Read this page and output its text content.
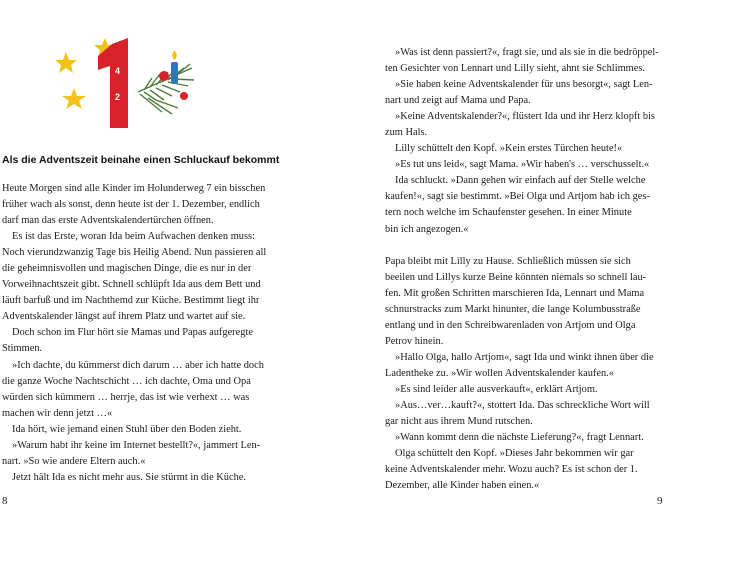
4
2
Als die Adventszeit beinahe einen Schluckauf bekommt

Heute Morgen sind alle Kinder im Holunderweg 7 ein bisschen

früher wach als sonst, denn heute ist der 1. Dezember, endlich

darf man das erste Adventskalendertürchen öffnen.

Es ist das Erste, woran Ida beim Aufwachen denken muss:

Noch vierundzwanzig Tage bis Heilig Abend. Nun passieren all

die geheimnisvollen und magischen Dinge, die es nur in der

Vorweihnachtszeit gibt. Schnell schlüpft Ida aus dem Bett und

läuft barfuß und im Nachthemd zur Küche. Bestimmt liegt ihr

Adventskalender längst auf ihrem Platz und wartet auf sie.

Doch schon im Flur hört sie Mamas und Papas aufgeregte

Stimmen.

»Ich dachte, du kümmerst dich darum … aber ich hatte doch

die ganze Woche Nachtschicht … ich dachte, Oma und Opa

würden sich kümmern … herrje, das ist wie verhext … was

machen wir denn jetzt …«

Ida hört, wie jemand einen Stuhl über den Boden zieht.

»Warum habt ihr keine im Internet bestellt?«, jammert Len-

nart. »So wie andere Eltern auch.«

Jetzt hält Ida es nicht mehr aus. Sie stürmt in die Küche.

8

»Was ist denn passiert?«, fragt sie, und als sie in die bedröppel-

ten Gesichter von Lennart und Lilly sieht, ahnt sie Schlimmes.

»Sie haben keine Adventskalender für uns besorgt«, sagt Len-

nart und zeigt auf Mama und Papa.

»Keine Adventskalender?«, flüstert Ida und ihr Herz klopft bis

zum Hals.

Lilly schüttelt den Kopf. »Kein erstes Türchen heute!«

»Es tut uns leid«, sagt Mama. »Wir haben's … verschusselt.«

Ida schluckt. »Dann gehen wir einfach auf der Stelle welche

kaufen!«, sagt sie bestimmt. »Bei Olga und Artjom hab ich ges-

tern noch welche im Schaufenster gesehen. In einer Minute

bin ich angezogen.«

Papa bleibt mit Lilly zu Hause. Schließlich müssen sie sich

beeilen und Lillys kurze Beine könnten niemals so schnell lau-

fen. Mit großen Schritten marschieren Ida, Lennart und Mama

schnurstracks zum Markt hinunter, die lange Kolumbusstraße

entlang und in den Schreibwarenladen von Artjom und Olga

Petrov hinein.

»Hallo Olga, hallo Artjom«, sagt Ida und winkt ihnen über die

Ladentheke zu. »Wir wollen Adventskalender kaufen.«

»Es sind leider alle ausverkauft«, erklärt Artjom.

»Aus…ver…kauft?«, stottert Ida. Das schreckliche Wort will

gar nicht aus ihrem Mund rutschen.

»Wann kommt denn die nächste Lieferung?«, fragt Lennart.

Olga schüttelt den Kopf. »Dieses Jahr bekommen wir gar

keine Adventskalender mehr. Wozu auch? Es ist schon der 1.

Dezember, alle Kinder haben einen.«

9
